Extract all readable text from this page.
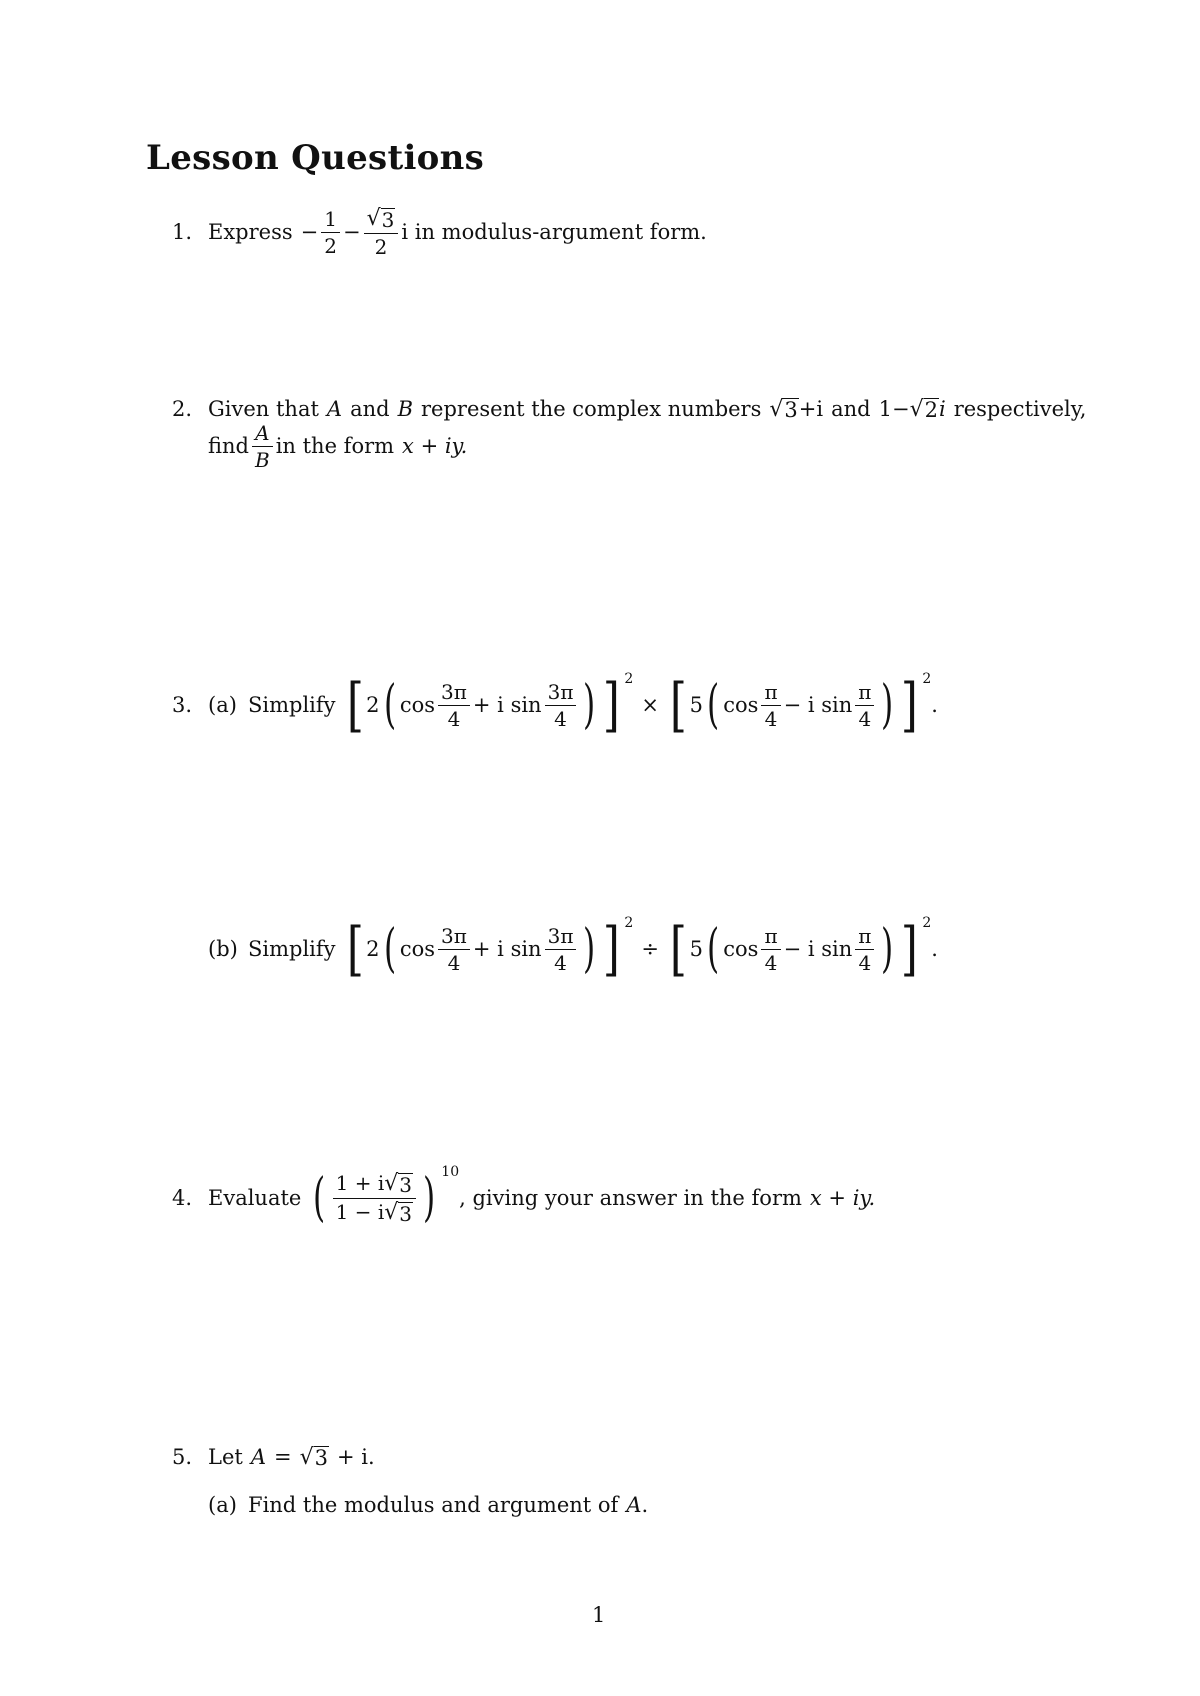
Lesson Questions
1. Express − $\frac{1}{2} - \frac{√ 3}{2}$ i in modulus-argument form.
2. Given that A and B represent the complex numbers √ 3 +i and 1− √ 2 i respectively,
find $\frac{A}{B}$ in the form x + iy.
3. (a) Simplify [ 2 ( $\cos \frac{3\pi}{4} + i$ $\sin \frac{3\pi}{4}$ ) ] 2
× [ 5 ( $\cos \frac{\pi}{4} - i$ $\sin \frac{\pi}{4}$ ) ] 2
.
(b) Simplify [ 2 ( $\cos \frac{3\pi}{4} + i$ $\sin \frac{3\pi}{4}$ ) ] 2
÷ [ 5 ( $\cos \frac{\pi}{4} - i$ $\sin \frac{\pi}{4}$ ) ] 2
.
4. Evaluate ( $\frac{1 + i √ 3}{1 - i √ 3}$ ) 10
, giving your answer in the form x + iy.
5. Let A = √ 3 + i.
(a) Find the modulus and argument of A .
1
